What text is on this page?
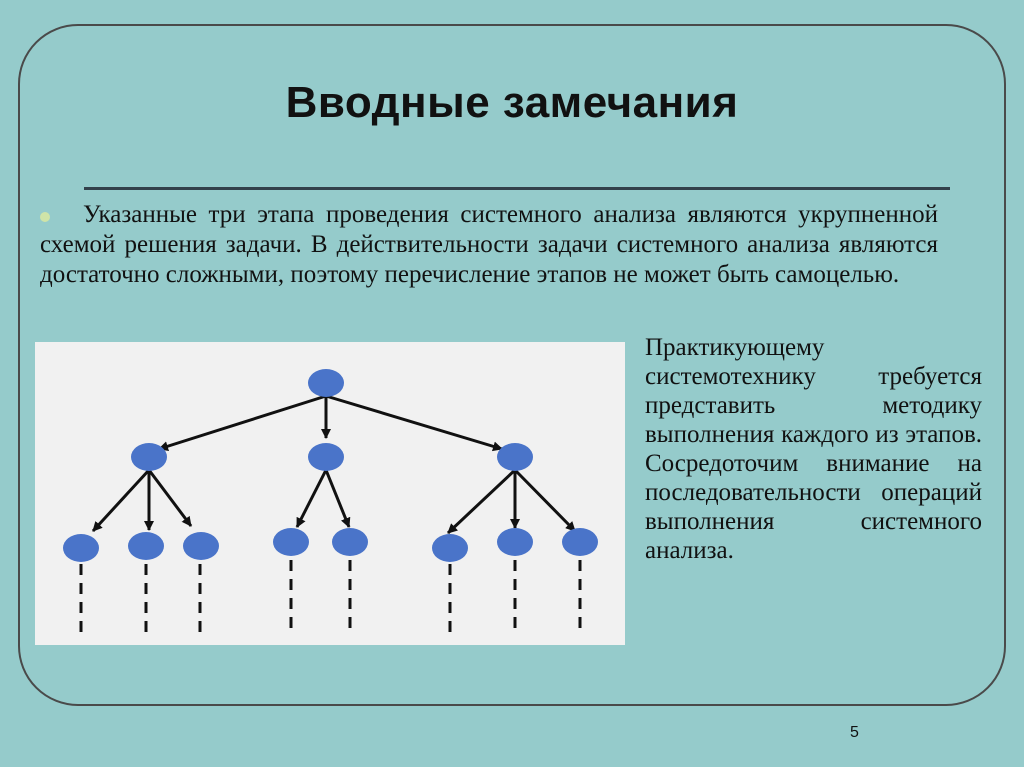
Вводные замечания
Указанные три этапа проведения системного анализа являются укрупненной схемой решения задачи. В действительности задачи системного анализа являются достаточно сложными, поэтому перечисление этапов не может быть самоцелью.
Практикующему системотехнику требуется представить методику выполнения каждого из этапов. Сосредоточим внимание на последовательности операций выполнения системного анализа.
5
